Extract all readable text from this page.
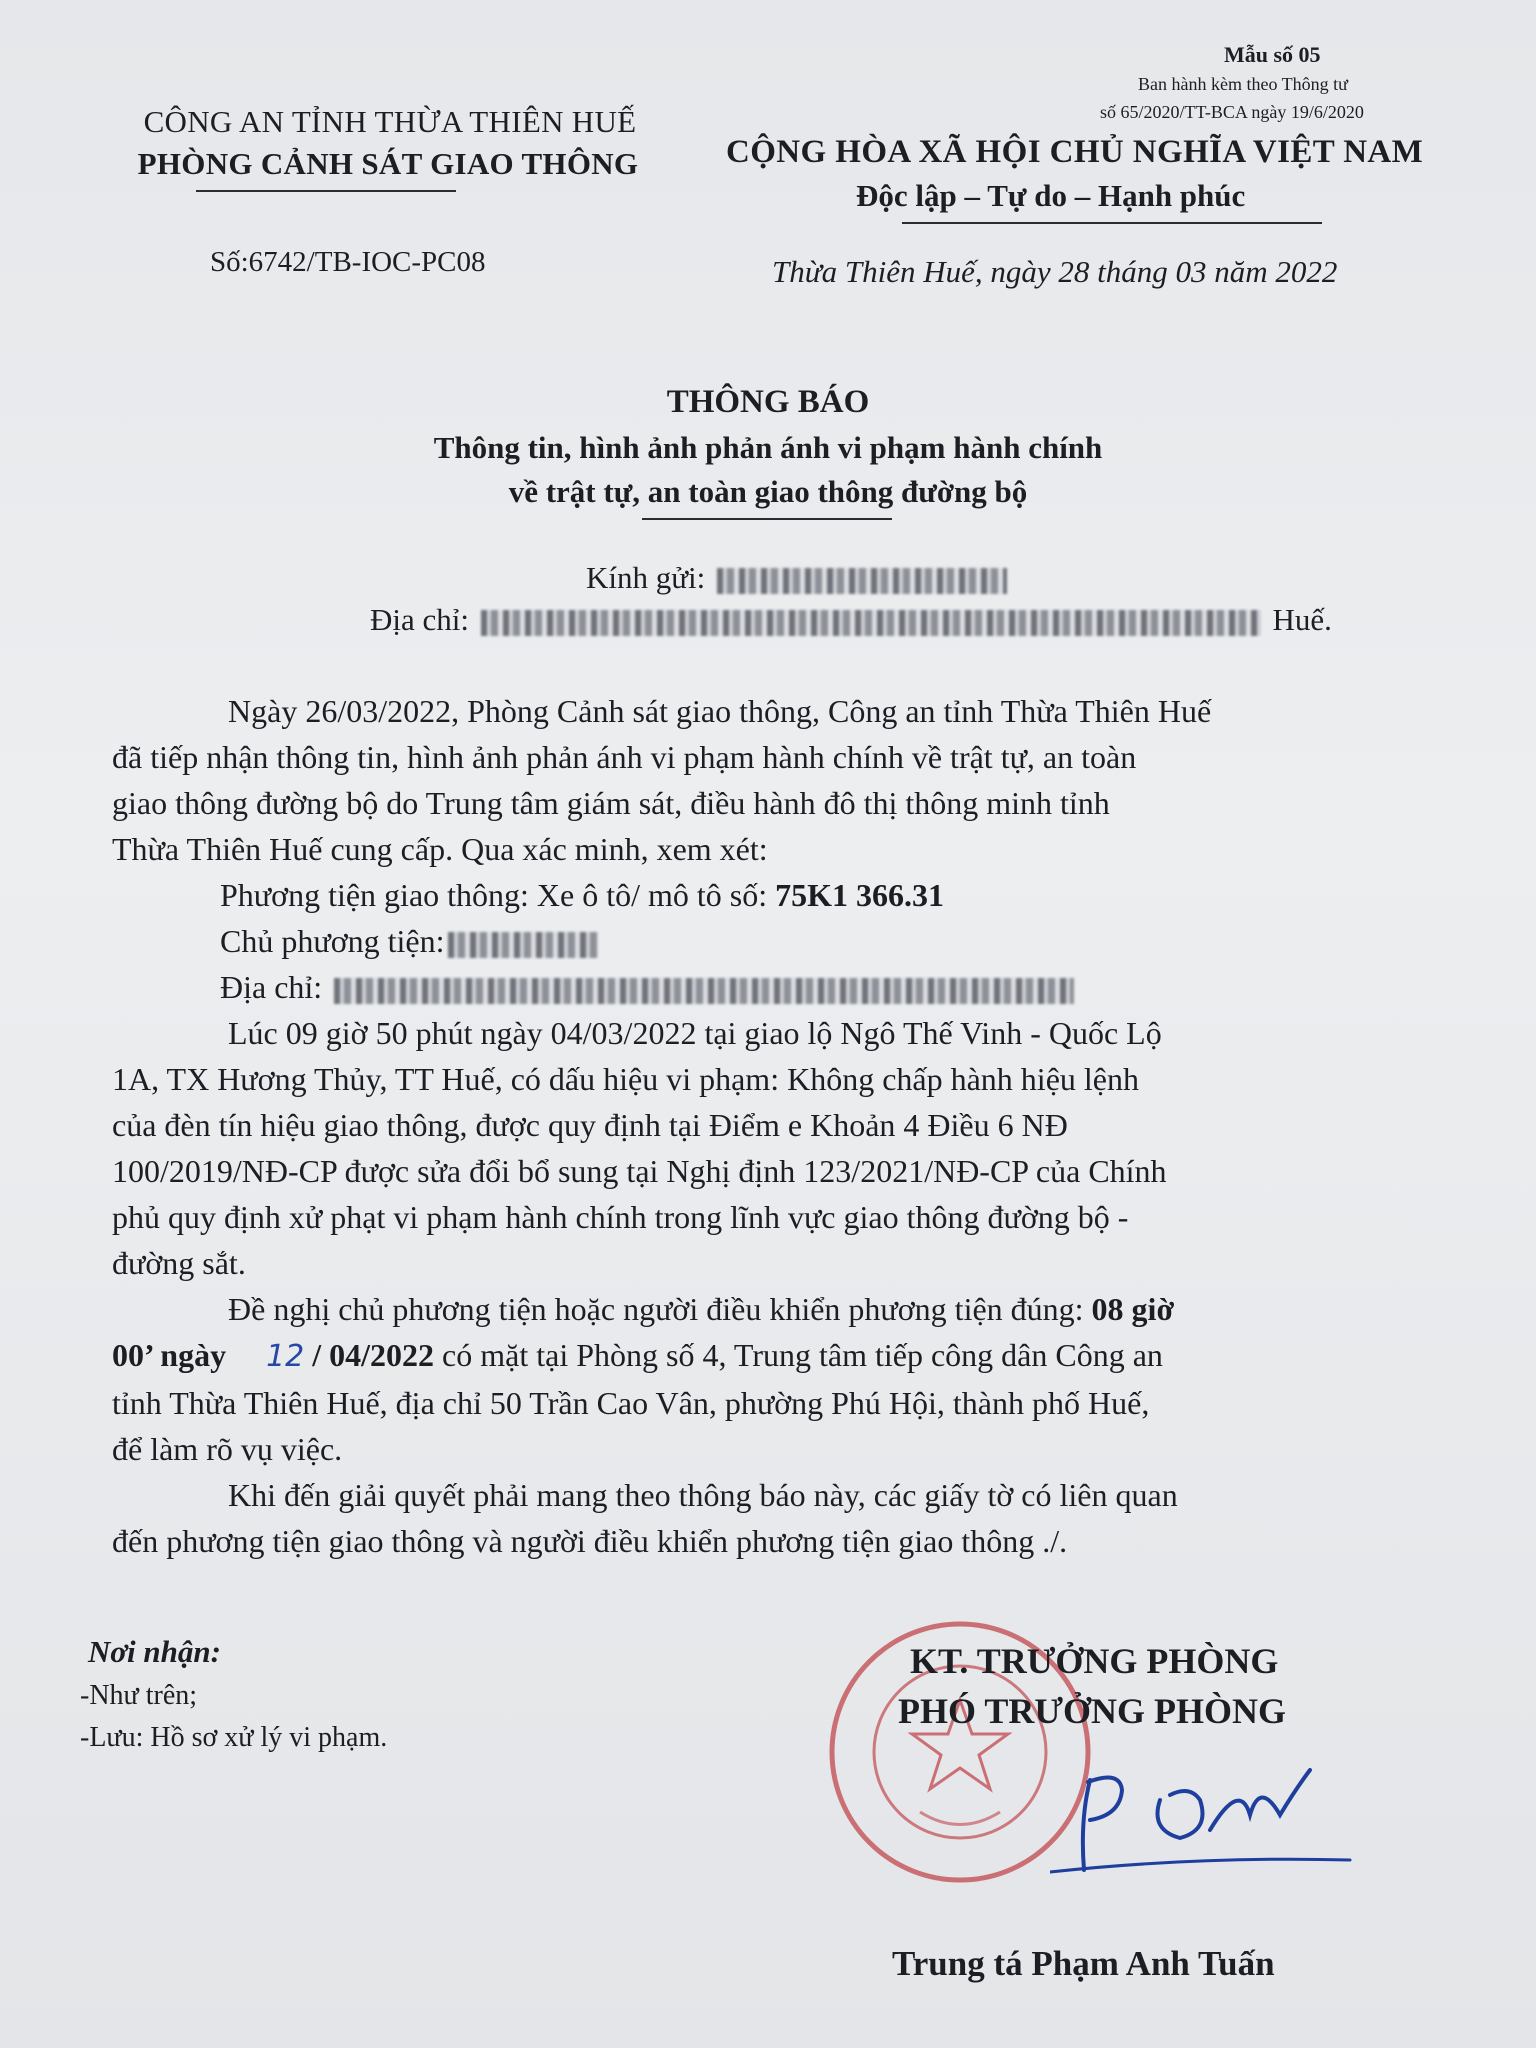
Mẫu số 05
Ban hành kèm theo Thông tư
số 65/2020/TT-BCA ngày 19/6/2020
CÔNG AN TỈNH THỪA THIÊN HUẾ
PHÒNG CẢNH SÁT GIAO THÔNG
Số:6742/TB-IOC-PC08
CỘNG HÒA XÃ HỘI CHỦ NGHĨA VIỆT NAM
Độc lập – Tự do – Hạnh phúc
Thừa Thiên Huế, ngày 28 tháng 03 năm 2022
THÔNG BÁO
Thông tin, hình ảnh phản ánh vi phạm hành chính
về trật tự, an toàn giao thông đường bộ
Kính gửi:
Địa chỉ:	Huế.
Ngày 26/03/2022, Phòng Cảnh sát giao thông, Công an tỉnh Thừa Thiên Huế
đã tiếp nhận thông tin, hình ảnh phản ánh vi phạm hành chính về trật tự, an toàn
giao thông đường bộ do Trung tâm giám sát, điều hành đô thị thông minh tỉnh
Thừa Thiên Huế cung cấp. Qua xác minh, xem xét:
Phương tiện giao thông: Xe ô tô/ mô tô số: 75K1 366.31
Chủ phương tiện:
Địa chỉ:
Lúc 09 giờ 50 phút ngày 04/03/2022 tại giao lộ Ngô Thế Vinh - Quốc Lộ
1A, TX Hương Thủy, TT Huế, có dấu hiệu vi phạm: Không chấp hành hiệu lệnh
của đèn tín hiệu giao thông, được quy định tại Điểm e Khoản 4 Điều 6 NĐ
100/2019/NĐ-CP được sửa đổi bổ sung tại Nghị định 123/2021/NĐ-CP của Chính
phủ quy định xử phạt vi phạm hành chính trong lĩnh vực giao thông đường bộ -
đường sắt.
Đề nghị chủ phương tiện hoặc người điều khiển phương tiện đúng: 08 giờ
00’ ngày 12 / 04/2022 có mặt tại Phòng số 4, Trung tâm tiếp công dân Công an
tỉnh Thừa Thiên Huế, địa chỉ 50 Trần Cao Vân, phường Phú Hội, thành phố Huế,
để làm rõ vụ việc.
Khi đến giải quyết phải mang theo thông báo này, các giấy tờ có liên quan
đến phương tiện giao thông và người điều khiển phương tiện giao thông ./.
Nơi nhận:
-Như trên;
-Lưu: Hồ sơ xử lý vi phạm.
KT. TRƯỞNG PHÒNG
PHÓ TRƯỞNG PHÒNG
Trung tá Phạm Anh Tuấn
